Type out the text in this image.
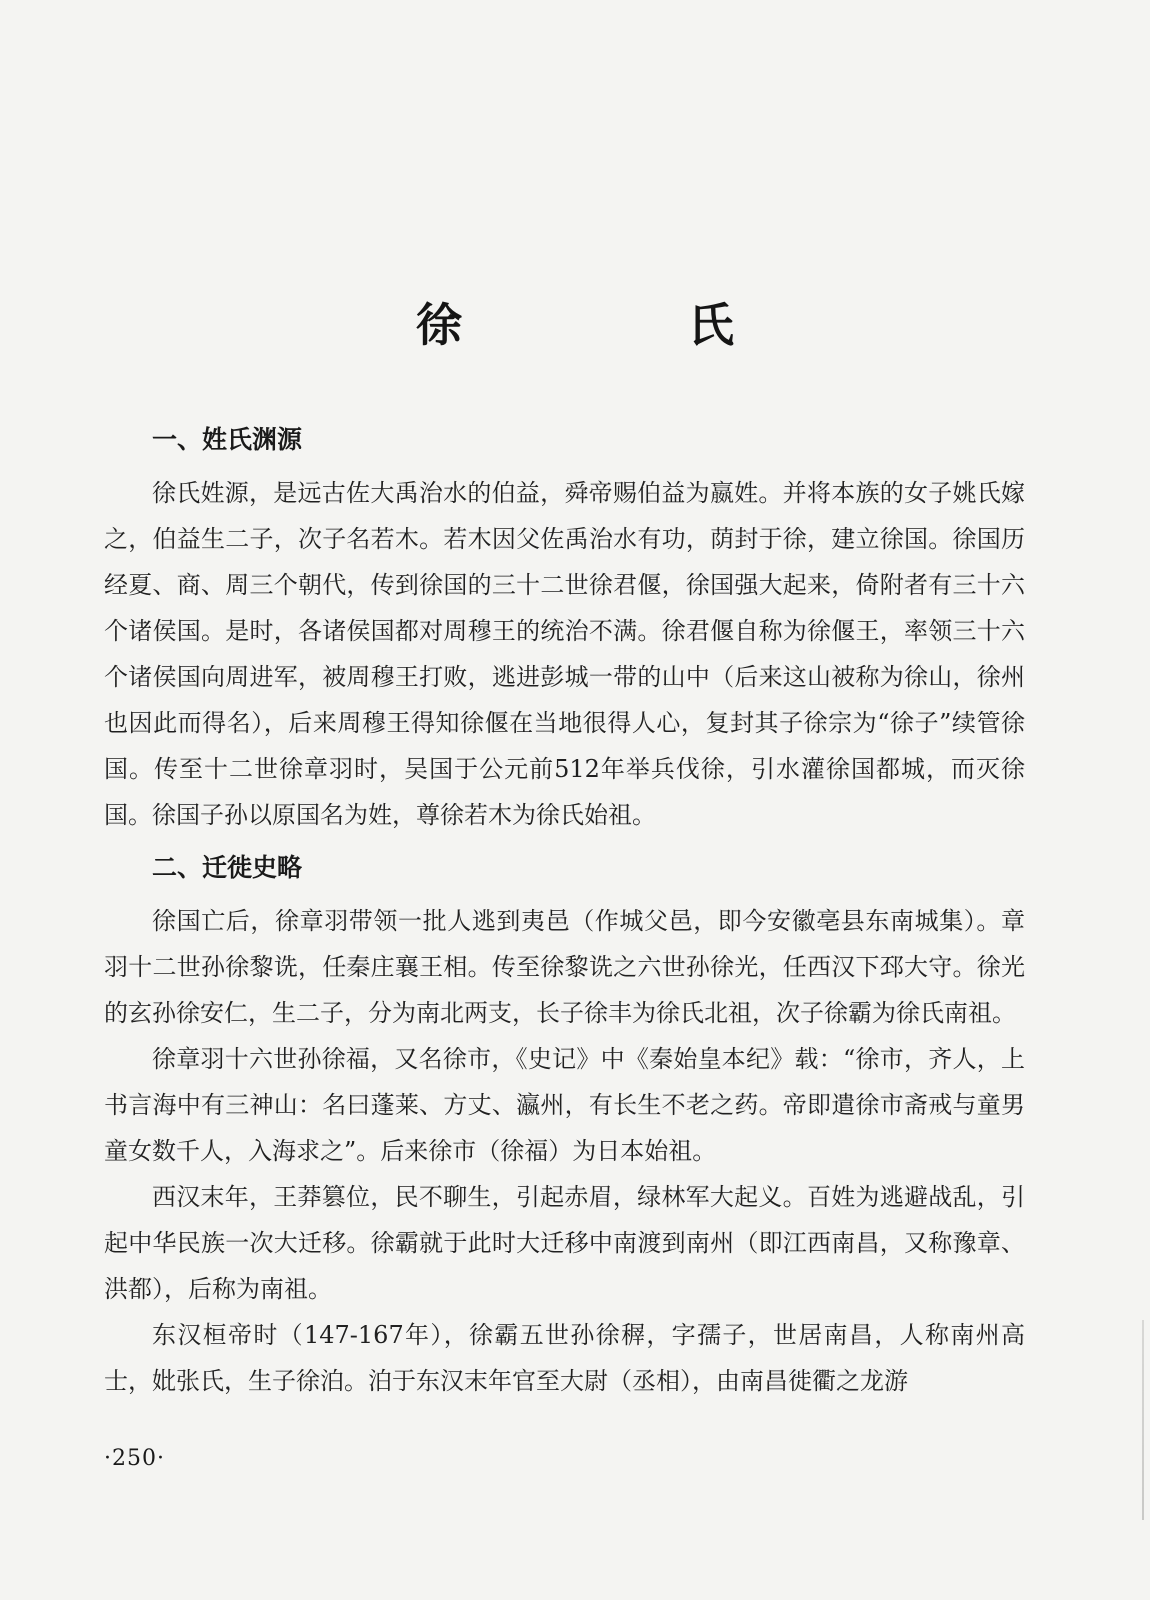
徐　氏
一、姓氏渊源

徐氏姓源，是远古佐大禹治水的伯益，舜帝赐伯益为嬴姓。并将本族的女子姚氏嫁之，伯益生二子，次子名若木。若木因父佐禹治水有功，荫封于徐，建立徐国。徐国历经夏、商、周三个朝代，传到徐国的三十二世徐君偃，徐国强大起来，倚附者有三十六个诸侯国。是时，各诸侯国都对周穆王的统治不满。徐君偃自称为徐偃王，率领三十六个诸侯国向周进军，被周穆王打败，逃进彭城一带的山中（后来这山被称为徐山，徐州也因此而得名），后来周穆王得知徐偃在当地很得人心，复封其子徐宗为“徐子”续管徐国。传至十二世徐章羽时，吴国于公元前512年举兵伐徐，引水灌徐国都城，而灭徐国。徐国子孙以原国名为姓，尊徐若木为徐氏始祖。

二、迁徙史略

徐国亡后，徐章羽带领一批人逃到夷邑（作城父邑，即今安徽亳县东南城集）。章羽十二世孙徐黎诜，任秦庄襄王相。传至徐黎诜之六世孙徐光，任西汉下邳大守。徐光的玄孙徐安仁，生二子，分为南北两支，长子徐丰为徐氏北祖，次子徐霸为徐氏南祖。

徐章羽十六世孙徐福，又名徐市，《史记》中《秦始皇本纪》载：“徐市，齐人，上书言海中有三神山：名曰蓬莱、方丈、瀛州，有长生不老之药。帝即遣徐市斋戒与童男童女数千人，入海求之”。后来徐市（徐福）为日本始祖。

西汉末年，王莽篡位，民不聊生，引起赤眉，绿林军大起义。百姓为逃避战乱，引起中华民族一次大迁移。徐霸就于此时大迁移中南渡到南州（即江西南昌，又称豫章、洪都），后称为南祖。

东汉桓帝时（147-167年），徐霸五世孙徐稺，字孺子，世居南昌，人称南州高士，妣张氏，生子徐泊。泊于东汉末年官至大尉（丞相），由南昌徙衢之龙游

·250·
